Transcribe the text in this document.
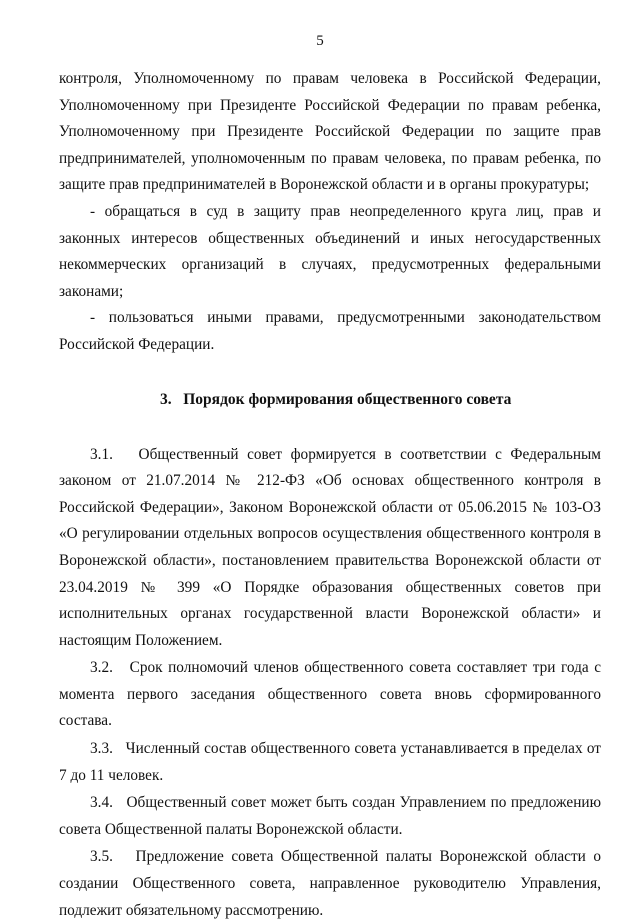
5

контроля, Уполномоченному по правам человека в Российской Федерации, Уполномоченному при Президенте Российской Федерации по правам ребенка, Уполномоченному при Президенте Российской Федерации по защите прав предпринимателей, уполномоченным по правам человека, по правам ребенка, по защите прав предпринимателей в Воронежской области и в органы прокуратуры;

- обращаться в суд в защиту прав неопределенного круга лиц, прав и законных интересов общественных объединений и иных негосударственных некоммерческих организаций в случаях, предусмотренных федеральными законами;

- пользоваться иными правами, предусмотренными законодательством Российской Федерации.

3.   Порядок формирования общественного совета

3.1.   Общественный совет формируется в соответствии с Федеральным законом от 21.07.2014 № 212-ФЗ «Об основах общественного контроля в Российской Федерации», Законом Воронежской области от 05.06.2015 № 103-ОЗ «О регулировании отдельных вопросов осуществления общественного контроля в Воронежской области», постановлением правительства Воронежской области от 23.04.2019 № 399 «О Порядке образования общественных советов при исполнительных органах государственной власти Воронежской области» и настоящим Положением.

3.2.   Срок полномочий членов общественного совета составляет три года с момента первого заседания общественного совета вновь сформированного состава.

3.3.   Численный состав общественного совета устанавливается в пределах от 7 до 11 человек.

3.4.   Общественный совет может быть создан Управлением по предложению совета Общественной палаты Воронежской области.

3.5.   Предложение совета Общественной палаты Воронежской области о создании Общественного совета, направленное руководителю Управления, подлежит обязательному рассмотрению.
